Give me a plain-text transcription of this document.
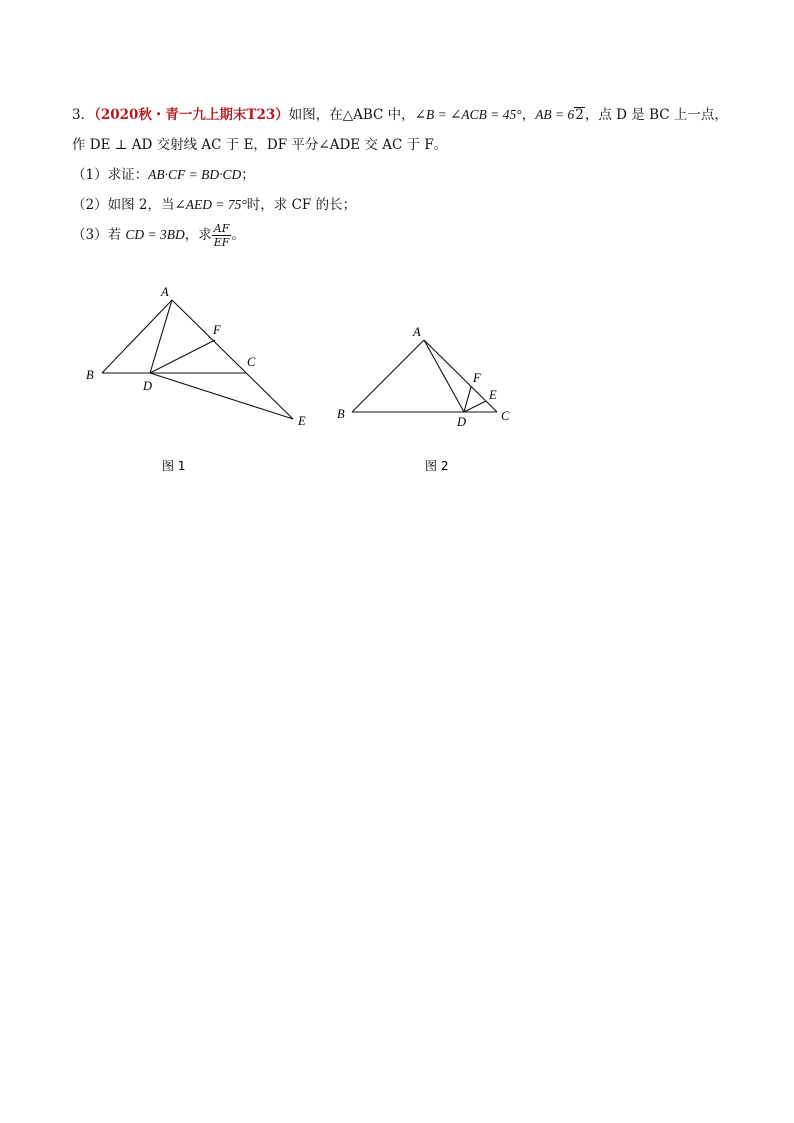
3．（2020秋・青一九上期末T23）如图，在△ABC 中，∠B = ∠ACB = 45°，AB = 62，点 D 是 BC 上一点，
作 DE ⊥ AD 交射线 AC 于 E，DF 平分∠ADE 交 AC 于 F。
（1）求证：AB·CF = BD·CD；
（2）如图 2，当∠AED = 75°时，求 CF 的长；
（3）若 CD = 3BD，求 $\frac{AF}{EF}$ 。
A
B
C
D
E
F
图 1
A
B	C
D
E
F
图 2
